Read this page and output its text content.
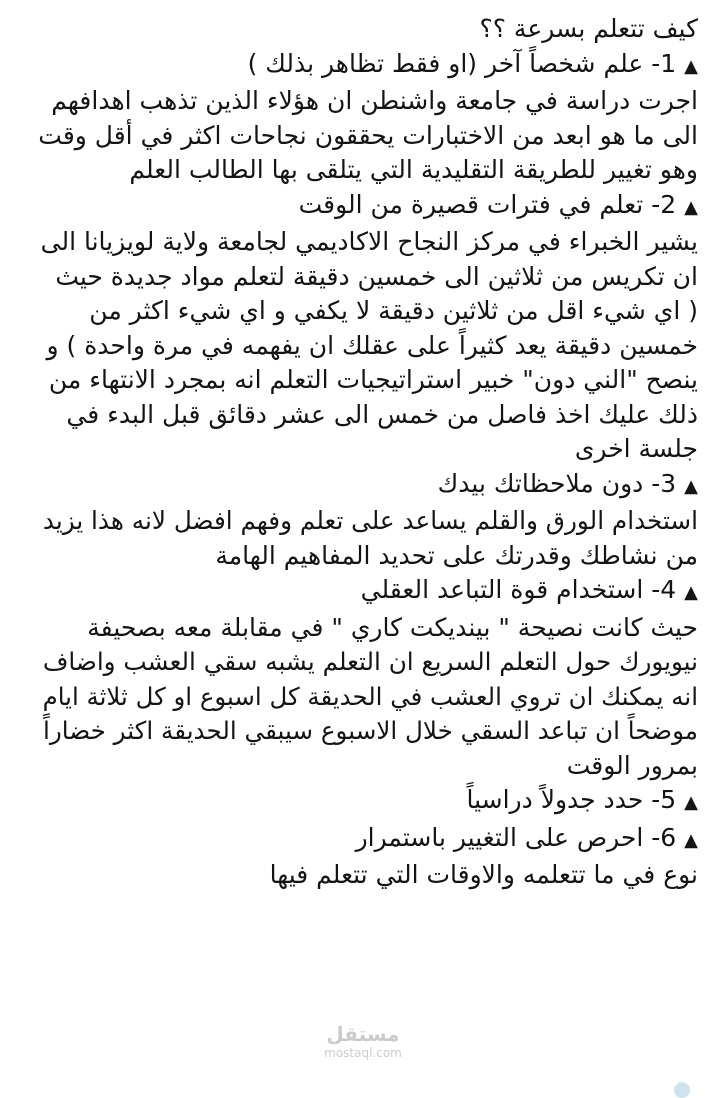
كيف تتعلم بسرعة ؟؟
▲
1- علم شخصاً آخر (او فقط تظاهر بذلك )
اجرت دراسة في جامعة واشنطن ان هؤلاء الذين تذهب اهدافهم
الى ما هو ابعد من الاختبارات يحققون نجاحات اكثر في أقل وقت
وهو تغيير للطريقة التقليدية التي يتلقى بها الطالب العلم
▲
2- تعلم في فترات قصيرة من الوقت
يشير الخبراء في مركز النجاح الاكاديمي لجامعة ولاية لويزيانا الى
ان تكريس من ثلاثين الى خمسين دقيقة لتعلم مواد جديدة حيث
( اي شيء اقل من ثلاثين دقيقة لا يكفي و اي شيء اكثر من
خمسين دقيقة يعد كثيراً على عقلك ان يفهمه في مرة واحدة ) و
ينصح "الني دون" خبير استراتيجيات التعلم انه بمجرد الانتهاء من
ذلك عليك اخذ فاصل من خمس الى عشر دقائق قبل البدء في
جلسة اخرى
▲
3- دون ملاحظاتك بيدك
استخدام الورق والقلم يساعد على تعلم وفهم افضل لانه هذا يزيد
من نشاطك وقدرتك على تحديد المفاهيم الهامة
▲
4- استخدام قوة التباعد العقلي
حيث كانت نصيحة " بينديكت كاري " في مقابلة معه بصحيفة
نيويورك حول التعلم السريع ان التعلم يشبه سقي العشب واضاف
انه يمكنك ان تروي العشب في الحديقة كل اسبوع او كل ثلاثة ايام
موضحاً ان تباعد السقي خلال الاسبوع سيبقي الحديقة اكثر خضاراً
بمرور الوقت
▲
5- حدد جدولاً دراسياً
▲
6- احرص على التغيير باستمرار
نوع في ما تتعلمه والاوقات التي تتعلم فيها
مستقل
mostaql.com
